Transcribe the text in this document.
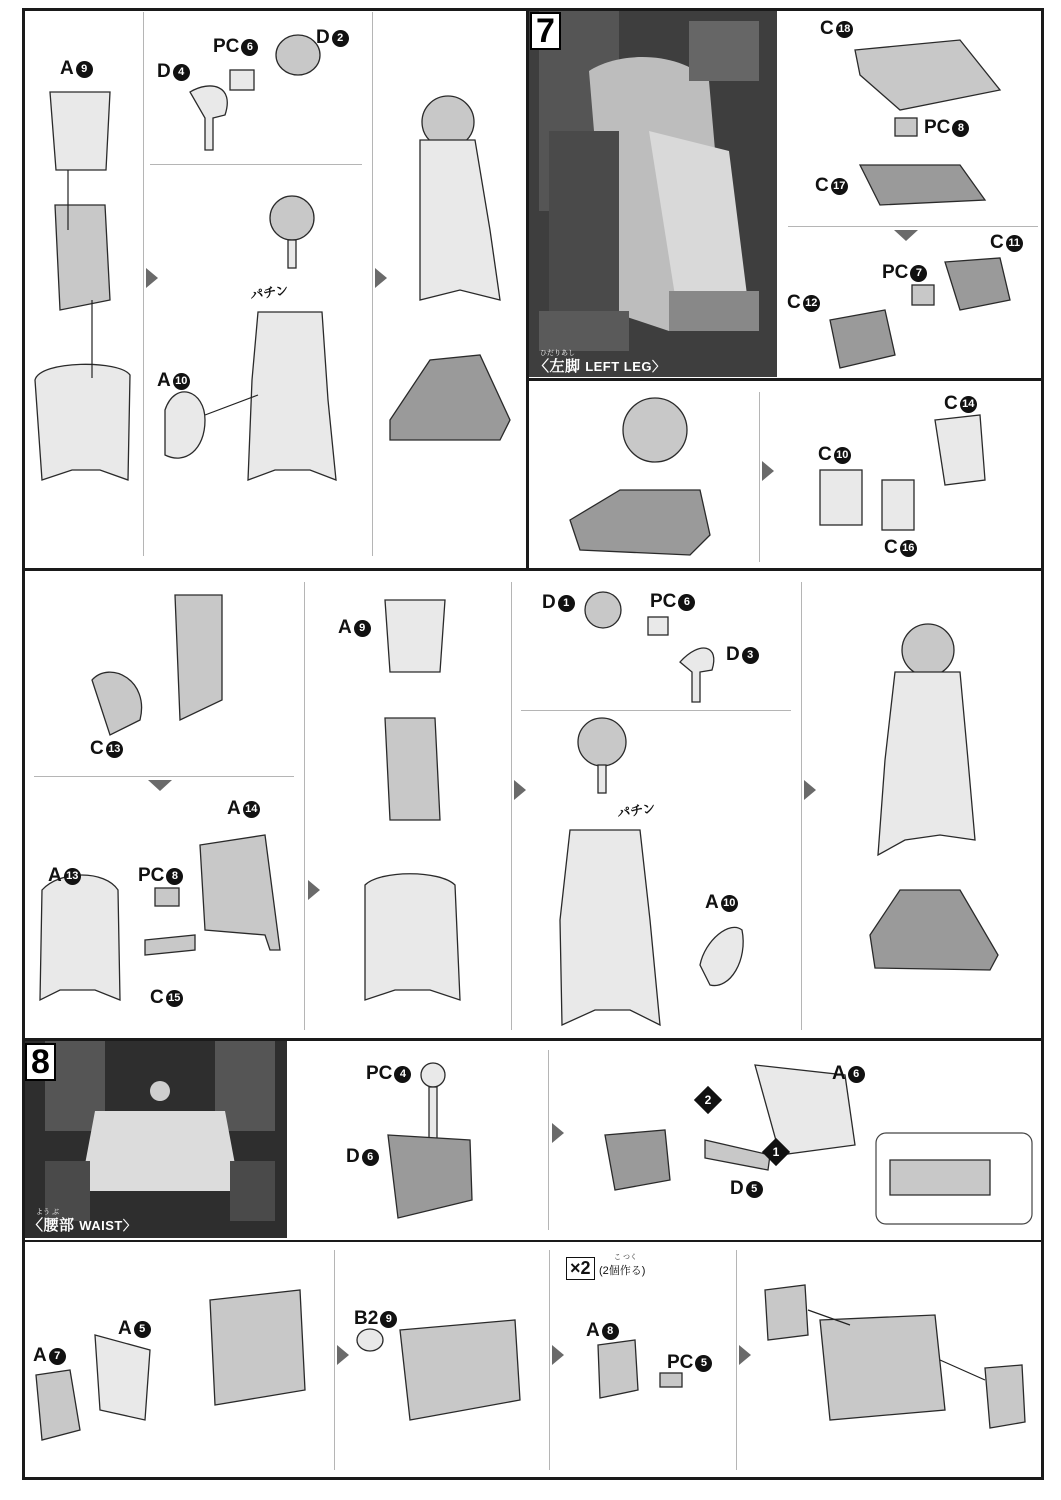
7
ひだりあし
〈左脚 LEFT LEG〉
8
よう ぶ
〈腰部 WAIST〉
A 9
PC 6	D 2
D 4
パチン
A 10
C 18
PC 8
C 17
C 11
PC 7
C 12
C 14
C 10
C 16
C 13
A 14
A 13	PC 8
C 15
A 9
D 1	PC 6
D 3
パチン
A 10
PC 4
D 6
A 6
D 5
A 7
A 5	B2 9
A 8
PC 5
2
1
×2
こ つく
(2個作る)
